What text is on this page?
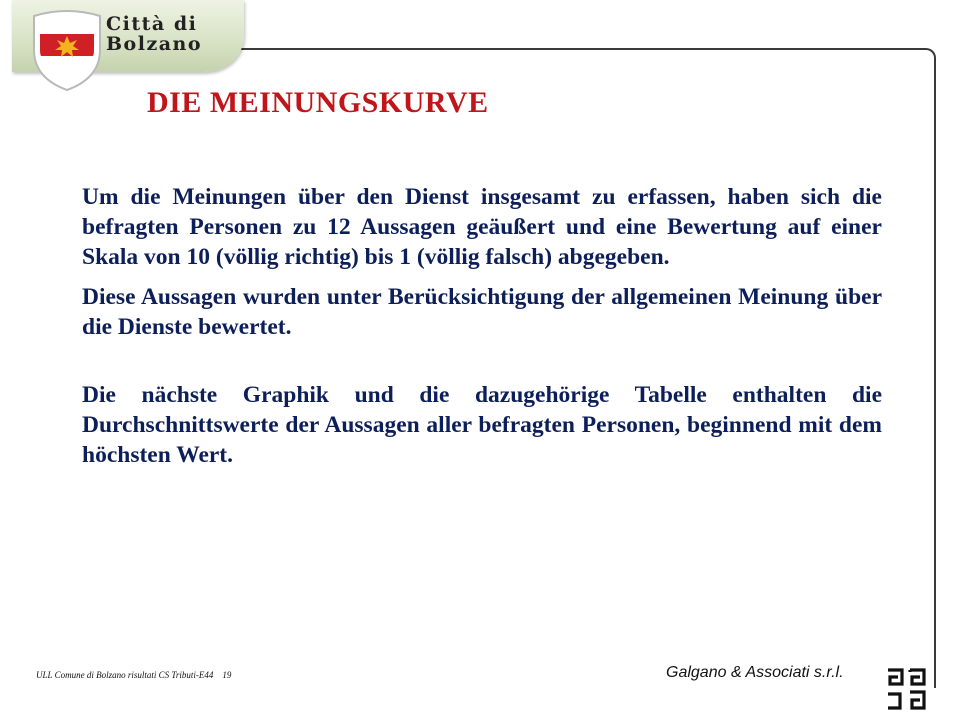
Città di
Bolzano
DIE MEINUNGSKURVE

Um die Meinungen über den Dienst insgesamt zu erfassen, haben sich die befragten Personen zu 12 Aussagen geäußert und eine Bewertung auf einer Skala von 10 (völlig richtig) bis 1 (völlig falsch) abgegeben.

Diese Aussagen wurden unter Berücksichtigung der allgemeinen Meinung über die Dienste bewertet.

Die nächste Graphik und die dazugehörige Tabelle enthalten die Durchschnittswerte der Aussagen aller befragten Personen, beginnend mit dem höchsten Wert.

ULL Comune di Bolzano risultati CS Tributi-E44 19	Galgano & Associati s.r.l.
